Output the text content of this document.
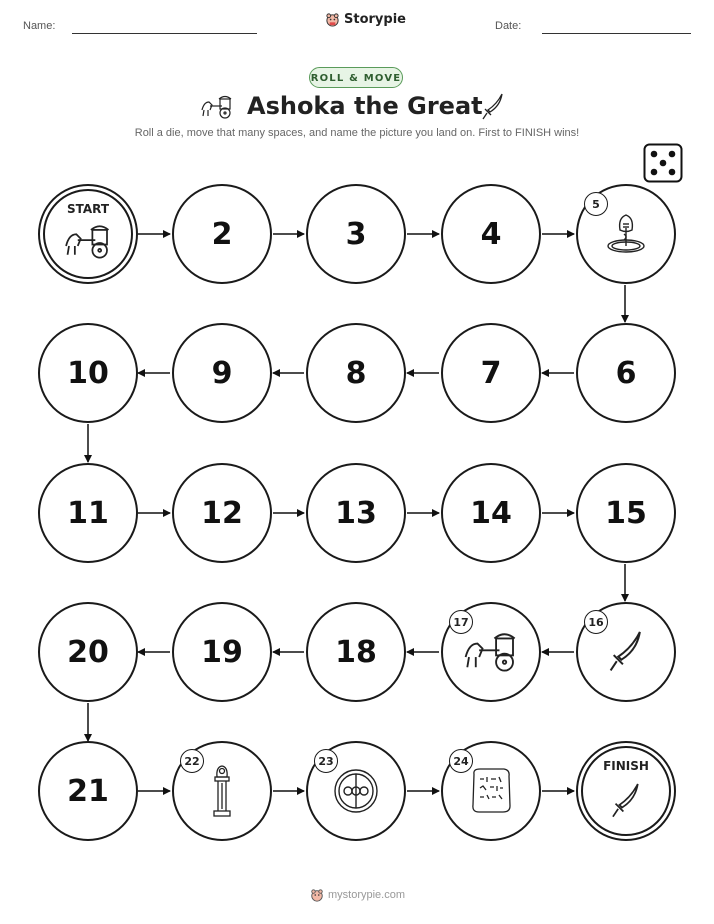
Name:	Storypie	Date:
ROLL & MOVE
Ashoka the Great
Roll a die, move that many spaces, and name the picture you land on. First to FINISH wins!
START
2	3	4
5
10	9	8	7	6
11	12	13	14	15
20	19	18
17	16
21
22	23	24	FINISH
mystorypie.com
